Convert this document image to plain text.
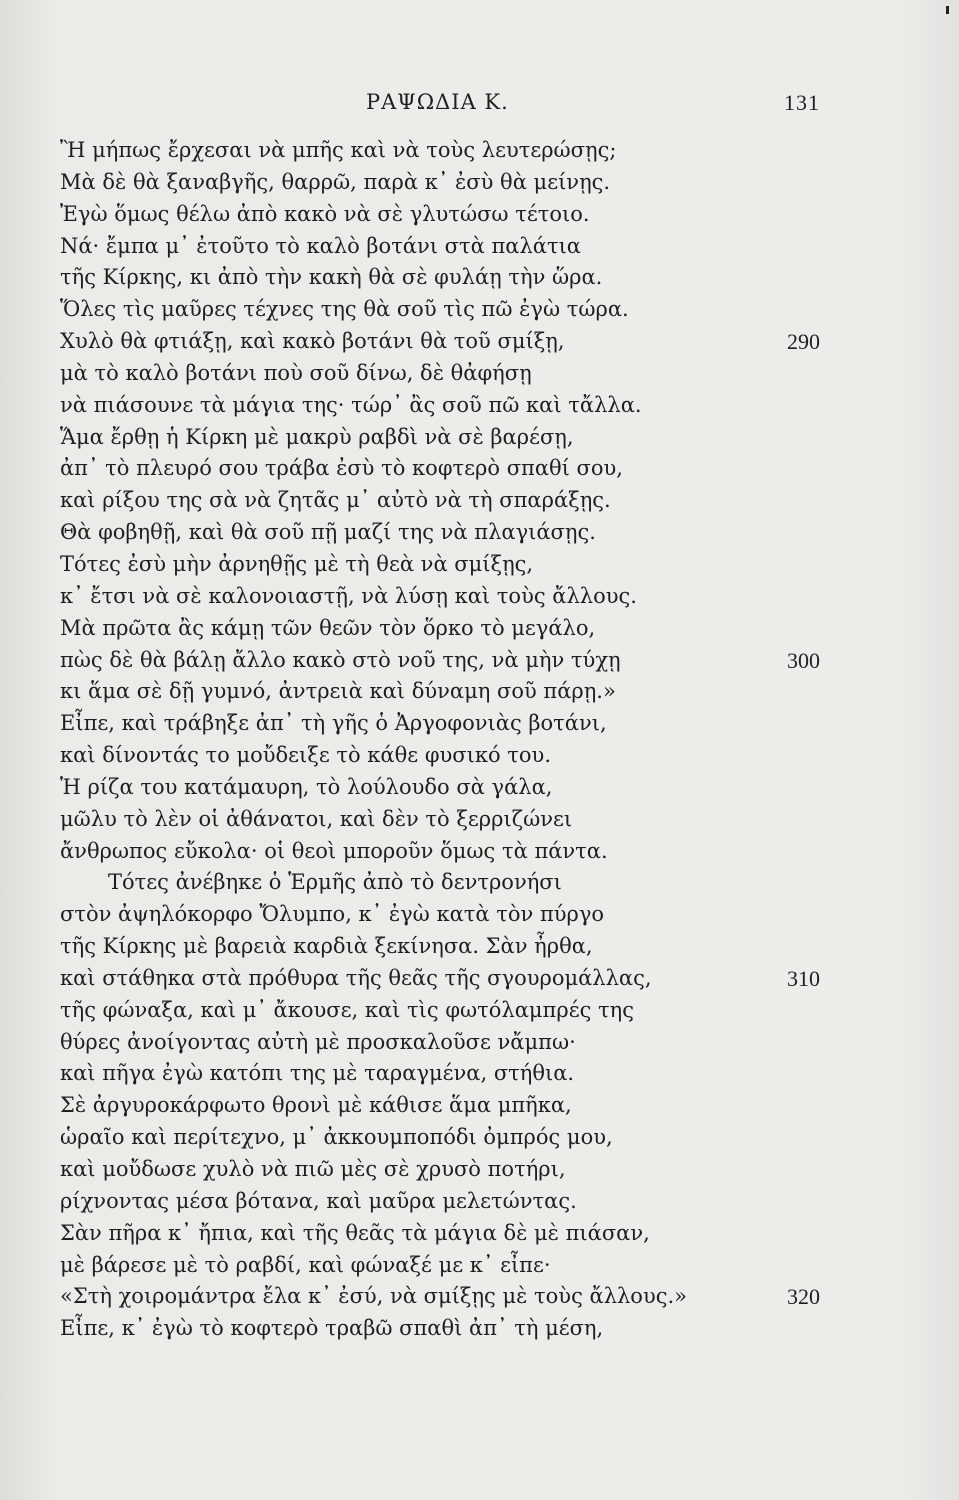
ΡΑΨΩΔΙΑ Κ.	131
Ἢ μήπως ἔρχεσαι νὰ μπῆς καὶ νὰ τοὺς λευτερώσῃς;
Μὰ δὲ θὰ ξαναβγῆς, θαρρῶ, παρὰ κ᾽ ἐσὺ θὰ μείνῃς.
Ἐγὼ ὅμως θέλω ἀπὸ κακὸ νὰ σὲ γλυτώσω τέτοιο.
Νά· ἔμπα μ᾽ ἐτοῦτο τὸ καλὸ βοτάνι στὰ παλάτια
τῆς Κίρκης, κι ἀπὸ τὴν κακὴ θὰ σὲ φυλάῃ τὴν ὥρα.
Ὅλες τὶς μαῦρες τέχνες της θὰ σοῦ τὶς πῶ ἐγὼ τώρα.
Χυλὸ θὰ φτιάξῃ, καὶ κακὸ βοτάνι θὰ τοῦ σμίξῃ,	290
μὰ τὸ καλὸ βοτάνι ποὺ σοῦ δίνω, δὲ θἀφήσῃ
νὰ πιάσουνε τὰ μάγια της· τώρ᾽ ἂς σοῦ πῶ καὶ τἄλλα.
Ἅμα ἔρθῃ ἡ Κίρκη μὲ μακρὺ ραβδὶ νὰ σὲ βαρέσῃ,
ἀπ᾽ τὸ πλευρό σου τράβα ἐσὺ τὸ κοφτερὸ σπαθί σου,
καὶ ρίξου της σὰ νὰ ζητᾶς μ᾽ αὐτὸ νὰ τὴ σπαράξῃς.
Θὰ φοβηθῇ, καὶ θὰ σοῦ πῇ μαζί της νὰ πλαγιάσῃς.
Τότες ἐσὺ μὴν ἀρνηθῇς μὲ τὴ θεὰ νὰ σμίξῃς,
κ᾽ ἔτσι νὰ σὲ καλονοιαστῇ, νὰ λύσῃ καὶ τοὺς ἄλλους.
Μὰ πρῶτα ἂς κάμῃ τῶν θεῶν τὸν ὅρκο τὸ μεγάλο,
πὼς δὲ θὰ βάλῃ ἄλλο κακὸ στὸ νοῦ της, νὰ μὴν τύχῃ	300
κι ἅμα σὲ δῇ γυμνό, ἀντρειὰ καὶ δύναμη σοῦ πάρῃ.»
Εἶπε, καὶ τράβηξε ἀπ᾽ τὴ γῆς ὁ Ἀργοφονιὰς βοτάνι,
καὶ δίνοντάς το μοὔδειξε τὸ κάθε φυσικό του.
Ἡ ρίζα του κατάμαυρη, τὸ λούλουδο σὰ γάλα,
μῶλυ τὸ λὲν οἱ ἀθάνατοι, καὶ δὲν τὸ ξερριζώνει
ἄνθρωπος εὔκολα· οἱ θεοὶ μποροῦν ὅμως τὰ πάντα.
Τότες ἀνέβηκε ὁ Ἑρμῆς ἀπὸ τὸ δεντρονήσι
στὸν ἀψηλόκορφο Ὄλυμπο, κ᾽ ἐγὼ κατὰ τὸν πύργο
τῆς Κίρκης μὲ βαρειὰ καρδιὰ ξεκίνησα. Σὰν ἦρθα,
καὶ στάθηκα στὰ πρόθυρα τῆς θεᾶς τῆς σγουρομάλλας,	310
τῆς φώναξα, καὶ μ᾽ ἄκουσε, καὶ τὶς φωτόλαμπρές της
θύρες ἀνοίγοντας αὐτὴ μὲ προσκαλοῦσε νἄμπω·
καὶ πῆγα ἐγὼ κατόπι της μὲ ταραγμένα, στήθια.
Σὲ ἀργυροκάρφωτο θρονὶ μὲ κάθισε ἅμα μπῆκα,
ὡραῖο καὶ περίτεχνο, μ᾽ ἀκκουμποπόδι ὀμπρός μου,
καὶ μοὔδωσε χυλὸ νὰ πιῶ μὲς σὲ χρυσὸ ποτήρι,
ρίχνοντας μέσα βότανα, καὶ μαῦρα μελετώντας.
Σὰν πῆρα κ᾽ ἤπια, καὶ τῆς θεᾶς τὰ μάγια δὲ μὲ πιάσαν,
μὲ βάρεσε μὲ τὸ ραβδί, καὶ φώναξέ με κ᾽ εἶπε·
«Στὴ χοιρομάντρα ἔλα κ᾽ ἐσύ, νὰ σμίξῃς μὲ τοὺς ἄλλους.»	320
Εἶπε, κ᾽ ἐγὼ τὸ κοφτερὸ τραβῶ σπαθὶ ἀπ᾽ τὴ μέση,
